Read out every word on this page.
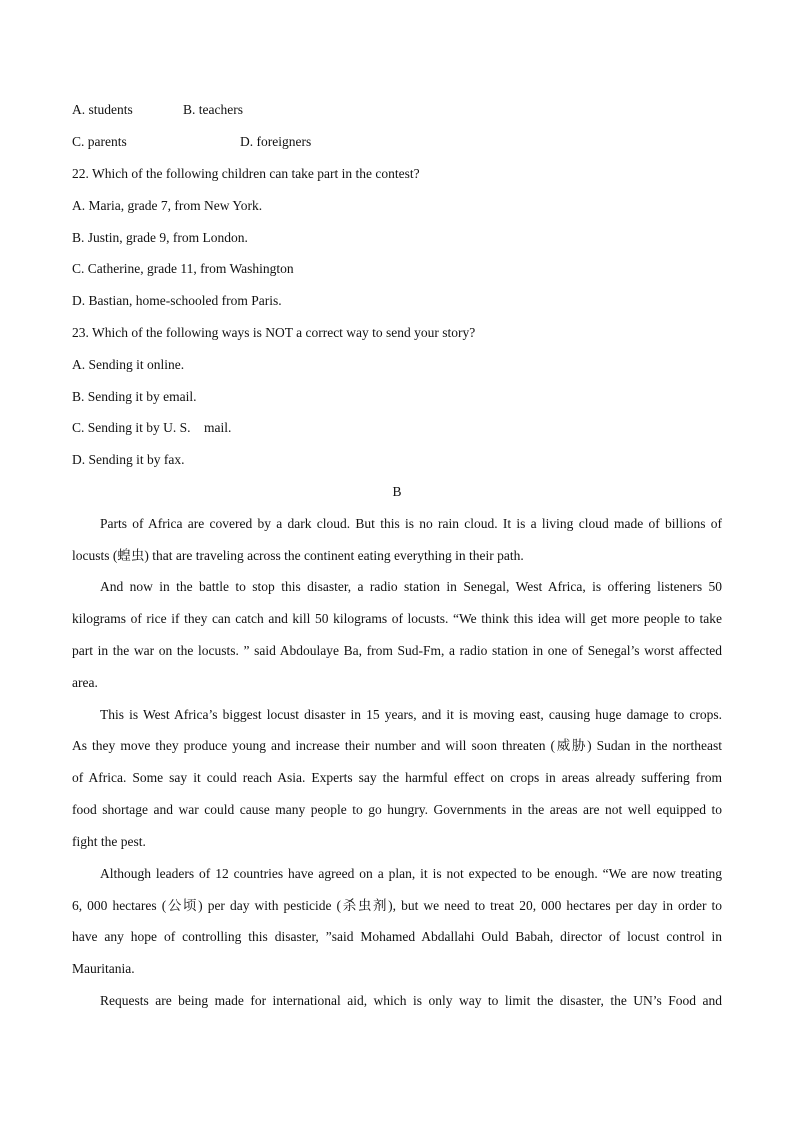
A. students	B. teachers
C. parents	D. foreigners
22. Which of the following children can take part in the contest?
A. Maria, grade 7, from New York.
B. Justin, grade 9, from London.
C. Catherine, grade 11, from Washington
D. Bastian, home-schooled from Paris.
23. Which of the following ways is NOT a correct way to send your story?
A. Sending it online.
B. Sending it by email.
C. Sending it by U. S.    mail.
D. Sending it by fax.
B
Parts of Africa are covered by a dark cloud. But this is no rain cloud. It is a living cloud made of billions of
locusts (蝗虫) that are traveling across the continent eating everything in their path.
And now in the battle to stop this disaster, a radio station in Senegal, West Africa, is offering listeners 50
kilograms of rice if they can catch and kill 50 kilograms of locusts. “We think this idea will get more people to take
part in the war on the locusts. ” said Abdoulaye Ba, from Sud-Fm, a radio station in one of Senegal’s worst affected
area.
This is West Africa’s biggest locust disaster in 15 years, and it is moving east, causing huge damage to crops.
As they move they produce young and increase their number and will soon threaten (威胁) Sudan in the northeast
of Africa. Some say it could reach Asia. Experts say the harmful effect on crops in areas already suffering from
food shortage and war could cause many people to go hungry. Governments in the areas are not well equipped to
fight the pest.
Although leaders of 12 countries have agreed on a plan, it is not expected to be enough. “We are now treating
6, 000 hectares (公顷) per day with pesticide (杀虫剂), but we need to treat 20, 000 hectares per day in order to
have any hope of controlling this disaster, ”said Mohamed Abdallahi Ould Babah, director of locust control in
Mauritania.
Requests are being made for international aid, which is only way to limit the disaster, the UN’s Food and
